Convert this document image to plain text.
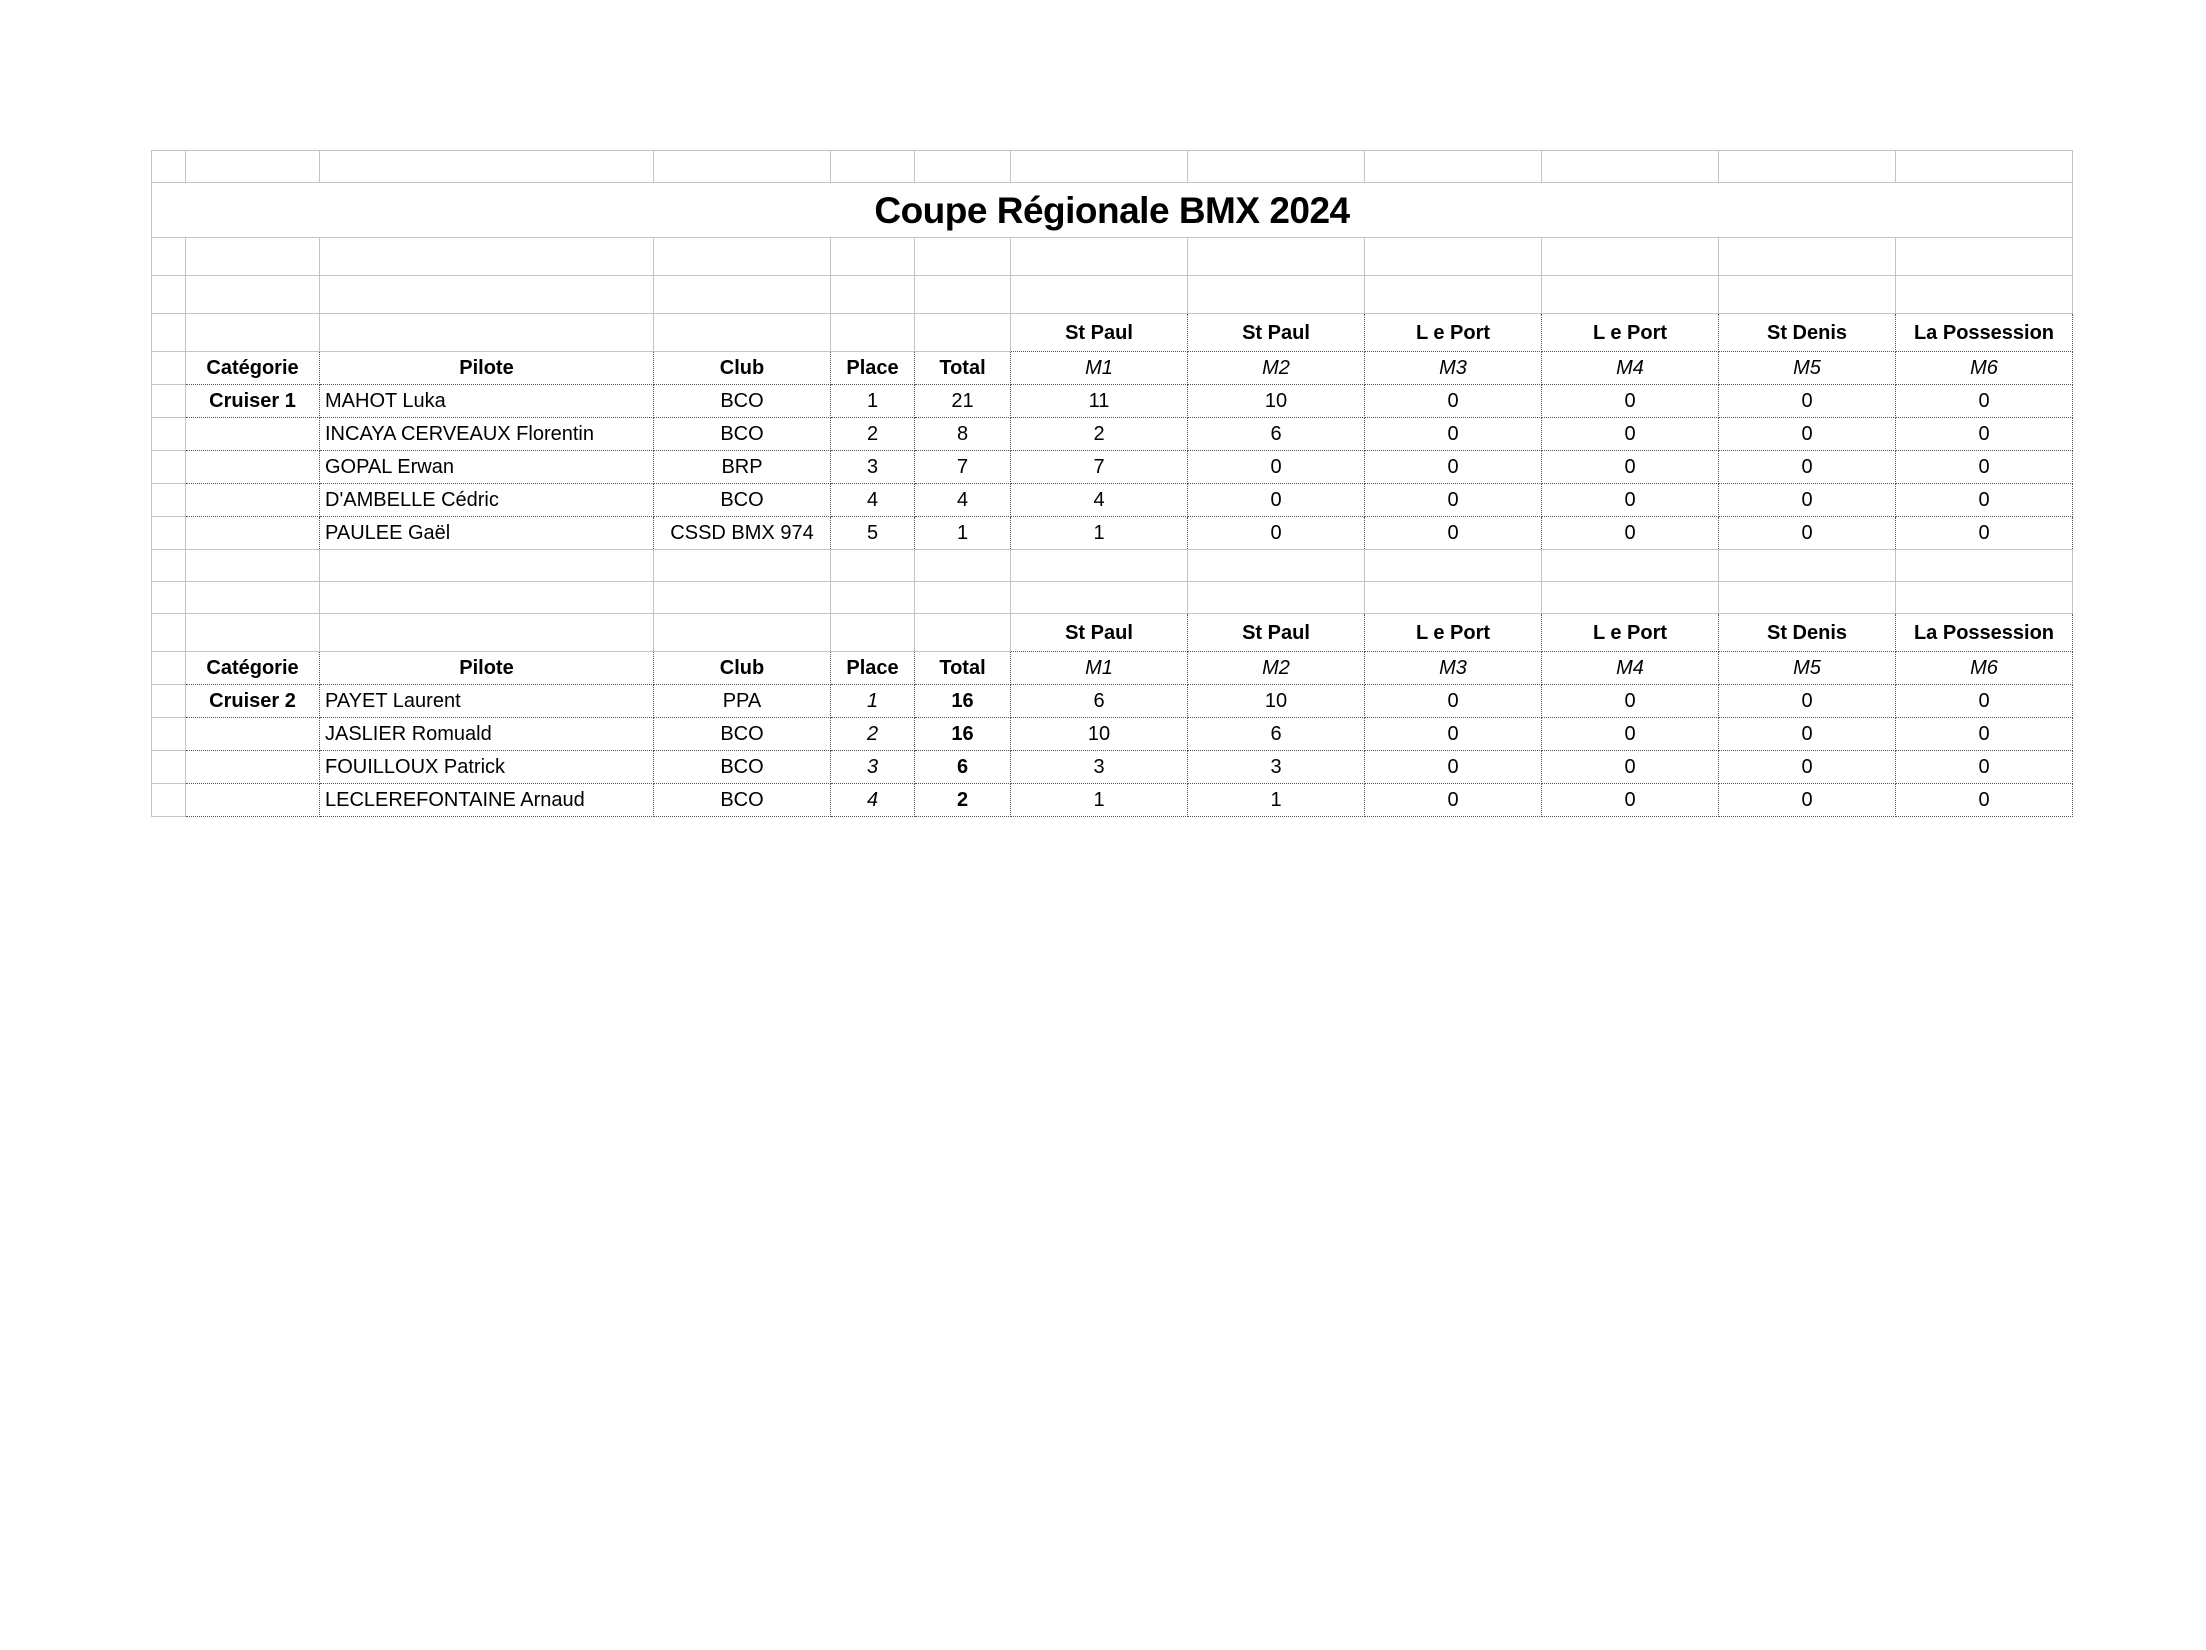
Coupe Régionale BMX 2024											

						St Paul	St Paul	L e Port	L e Port	St Denis	La Possession
	Catégorie	Pilote	Club	Place	Total	M1	M2	M3	M4	M5	M6
	Cruiser 1	MAHOT Luka	BCO	1	21	11	10	0	0	0	0
		INCAYA CERVEAUX Florentin	BCO	2	8	2	6	0	0	0	0
		GOPAL Erwan	BRP	3	7	7	0	0	0	0	0
		D'AMBELLE Cédric	BCO	4	4	4	0	0	0	0	0
		PAULEE Gaël	CSSD BMX 974	5	1	1	0	0	0	0	0

						St Paul	St Paul	L e Port	L e Port	St Denis	La Possession
	Catégorie	Pilote	Club	Place	Total	M1	M2	M3	M4	M5	M6
	Cruiser 2	PAYET Laurent	PPA	1	16	6	10	0	0	0	0
		JASLIER Romuald	BCO	2	16	10	6	0	0	0	0
		FOUILLOUX Patrick	BCO	3	6	3	3	0	0	0	0
		LECLEREFONTAINE Arnaud	BCO	4	2	1	1	0	0	0	0
